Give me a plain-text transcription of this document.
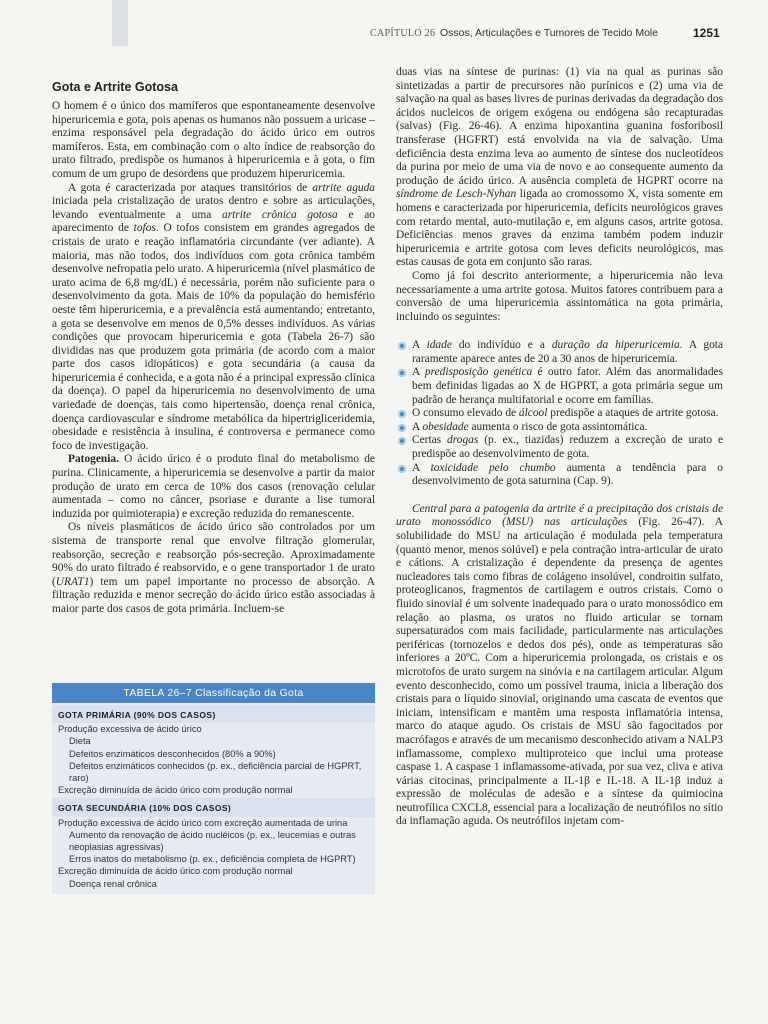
CAPÍTULO 26 Ossos, Articulações e Tumores de Tecido Mole	1251
Gota e Artrite Gotosa

O homem é o único dos mamíferos que espontaneamente desenvolve hiperuricemia e gota, pois apenas os humanos não possuem a uricase – enzima responsável pela degradação do ácido úrico em outros mamíferos. Esta, em combinação com o alto índice de reabsorção do urato filtrado, predispõe os humanos à hiperuricemia e à gota, o fim comum de um grupo de desordens que produzem hiperuricemia.

A gota é caracterizada por ataques transitórios de artrite aguda iniciada pela cristalização de uratos dentro e sobre as articulações, levando eventualmente a uma artrite crônica gotosa e ao aparecimento de tofos. O tofos consistem em grandes agregados de cristais de urato e reação inflamatória circundante (ver adiante). A maioria, mas não todos, dos indivíduos com gota crônica também desenvolve nefropatia pelo urato. A hiperuricemia (nível plasmático de urato acima de 6,8 mg/dL) é necessária, porém não suficiente para o desenvolvimento da gota. Mais de 10% da população do hemisfério oeste têm hiperuricemia, e a prevalência está aumentando; entretanto, a gota se desenvolve em menos de 0,5% desses indivíduos. As várias condições que provocam hiperuricemia e gota (Tabela 26-7) são divididas nas que produzem gota primária (de acordo com a maior parte dos casos idiopáticos) e gota secundária (a causa da hiperuricemia é conhecida, e a gota não é a principal expressão clínica da doença). O papel da hiperuricemia no desenvolvimento de uma variedade de doenças, tais como hipertensão, doença renal crônica, doença cardiovascular e síndrome metabólica da hipertrigliceridemia, obesidade e resistência à insulina, é controversa e permanece como foco de investigação.

Patogenia. O ácido úrico é o produto final do metabolismo de purina. Clinicamente, a hiperuricemia se desenvolve a partir da maior produção de urato em cerca de 10% dos casos (renovação celular aumentada – como no câncer, psoriase e durante a lise tumoral induzida por quimioterapia) e excreção reduzida do remanescente.

Os níveis plasmáticos de ácido úrico são controlados por um sistema de transporte renal que envolve filtração glomerular, reabsorção, secreção e reabsorção pós-secreção. Aproximadamente 90% do urato filtrado é reabsorvido, e o gene transportador 1 de urato (URAT1) tem um papel importante no processo de absorção. A filtração reduzida e menor secreção do ácido úrico estão associadas à maior parte dos casos de gota primária. Incluem-se

TABELA 26–7 Classificação da Gota
GOTA PRIMÁRIA (90% DOS CASOS)
Produção excessiva de ácido úrico
Dieta
Defeitos enzimáticos desconhecidos (80% a 90%)
Defeitos enzimáticos conhecidos (p. ex., deficiência parcial de HGPRT, raro)
Excreção diminuída de ácido úrico com produção normal
GOTA SECUNDÁRIA (10% DOS CASOS)
Produção excessiva de ácido úrico com excreção aumentada de urina
Aumento da renovação de ácido nucléicos (p. ex., leucemias e outras neoplasias agressivas)
Erros inatos do metabolismo (p. ex., deficiência completa de HGPRT)
Excreção diminuída de ácido úrico com produção normal
Doença renal crônica

duas vias na síntese de purinas: (1) via na qual as purinas são sintetizadas a partir de precursores não purínicos e (2) uma via de salvação na qual as bases livres de purinas derivadas da degradação dos ácidos nucleicos de origem exógena ou endógena são recapturadas (salvas) (Fig. 26-46). A enzima hipoxantina guanina fosforibosil transferase (HGFRT) está envolvida na via de salvação. Uma deficiência desta enzima leva ao aumento de síntese dos nucleotídeos da purina por meio de uma via de novo e ao consequente aumento da produção de ácido úrico. A ausência completa de HGPRT ocorre na síndrome de Lesch-Nyhan ligada ao cromossomo X, vista somente em homens e caracterizada por hiperuricemia, deficits neurológicos graves com retardo mental, auto-mutilação e, em alguns casos, artrite gotosa. Deficiências menos graves da enzima também podem induzir hiperuricemia e artrite gotosa com leves deficits neurológicos, mas estas causas de gota em conjunto são raras.

Como já foi descrito anteriormente, a hiperuricemia não leva necessariamente a uma artrite gotosa. Muitos fatores contribuem para a conversão de uma hiperuricemia assintomática na gota primária, incluindo os seguintes:

A idade do indivíduo e a duração da hiperuricemia. A gota raramente aparece antes de 20 a 30 anos de hiperuricemia.
A predisposição genética é outro fator. Além das anormalidades bem definidas ligadas ao X de HGPRT, a gota primária segue um padrão de herança multifatorial e ocorre em famílias.
O consumo elevado de álcool predispõe a ataques de artrite gotosa.
A obesidade aumenta o risco de gota assintomática.
Certas drogas (p. ex., tiazidas) reduzem a excreção de urato e predispõe ao desenvolvimento de gota.
A toxicidade pelo chumbo aumenta a tendência para o desenvolvimento de gota saturnina (Cap. 9).

Central para a patogenia da artrite é a precipitação dos cristais de urato monossódico (MSU) nas articulações (Fig. 26-47). A solubilidade do MSU na articulação é modulada pela temperatura (quanto menor, menos solúvel) e pela contração intra-articular de urato e cátions. A cristalização é dependente da presença de agentes nucleadores tais como fibras de colágeno insolúvel, condroitin sulfato, proteoglicanos, fragmentos de cartilagem e outros cristais. Como o fluido sinovial é um solvente inadequado para o urato monossódico em relação ao plasma, os uratos no fluido articular se tornam supersaturados com mais facilidade, particularmente nas articulações periféricas (tornozelos e dedos dos pés), onde as temperaturas são inferiores a 20ºC. Com a hiperuricemia prolongada, os cristais e os microtofos de urato surgem na sinóvia e na cartilagem articular. Algum evento desconhecido, como um possível trauma, inicia a liberação dos cristais para o líquido sinovial, originando uma cascata de eventos que iniciam, intensificam e mantêm uma resposta inflamatória intensa, marco do ataque agudo. Os cristais de MSU são fagocitados por macrófagos e através de um mecanismo desconhecido ativam a NALP3 inflamassome, complexo multiproteico que inclui uma protease caspase 1. A caspase 1 inflamassome-ativada, por sua vez, cliva e ativa várias citocinas, principalmente a IL-1β e IL-18. A IL-1β induz a expressão de moléculas de adesão e a síntese da quimiocina neutrofílica CXCL8, essencial para a localização de neutrófilos no sítio da inflamação aguda. Os neutrófilos injetam com-
